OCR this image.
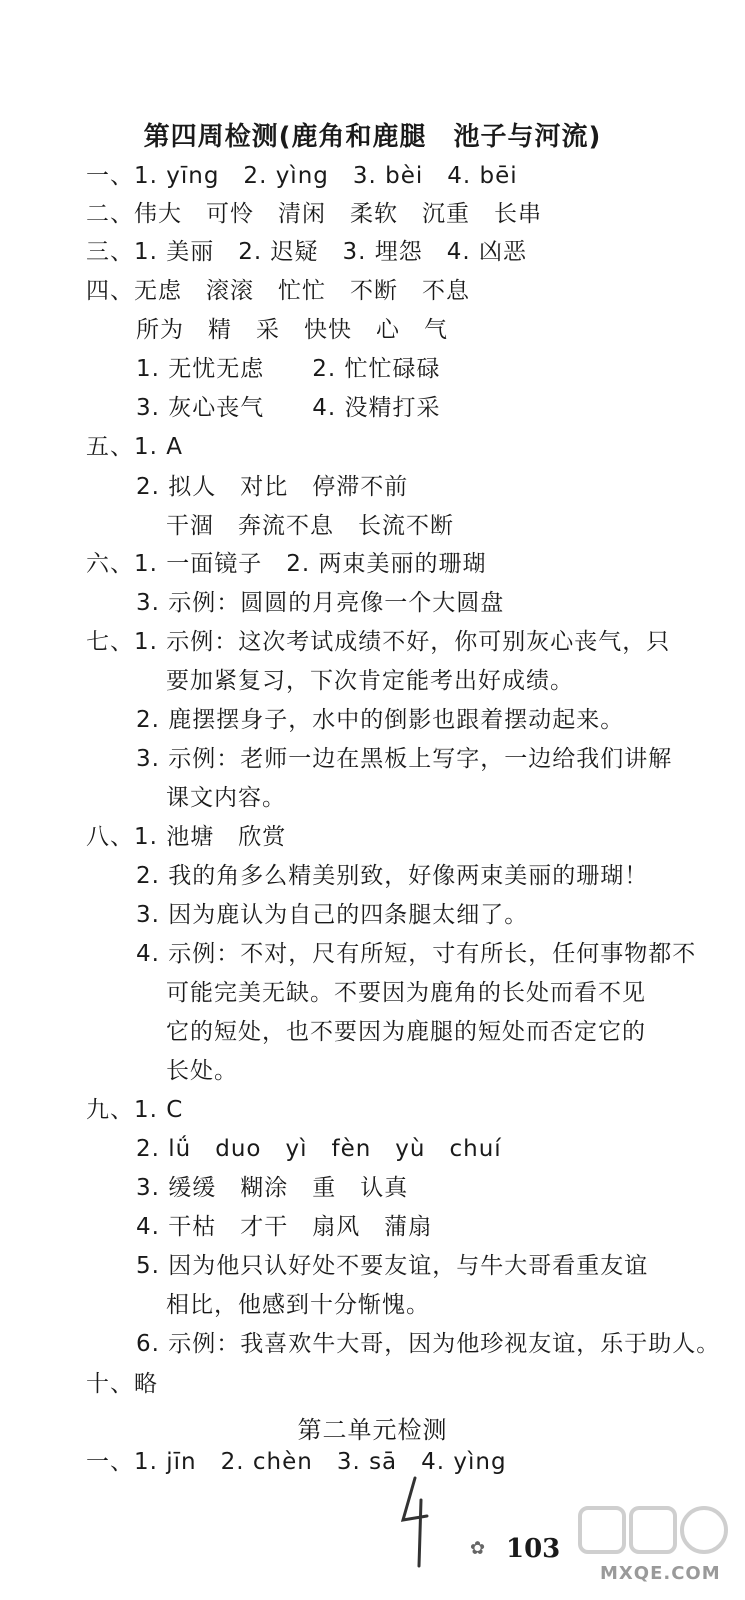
第四周检测(鹿角和鹿腿　池子与河流)
一、1. yīng　2. yìng　3. bèi　4. bēi
二、伟大　可怜　清闲　柔软　沉重　长串
三、1. 美丽　2. 迟疑　3. 埋怨　4. 凶恶
四、无虑　滚滚　忙忙　不断　不息
所为　精　采　快快　心　气
1. 无忧无虑　　2. 忙忙碌碌
3. 灰心丧气　　4. 没精打采
五、1. A
2. 拟人　对比　停滞不前
干涸　奔流不息　长流不断
六、1. 一面镜子　2. 两束美丽的珊瑚
3. 示例：圆圆的月亮像一个大圆盘
七、1. 示例：这次考试成绩不好，你可别灰心丧气，只
要加紧复习，下次肯定能考出好成绩。
2. 鹿摆摆身子，水中的倒影也跟着摆动起来。
3. 示例：老师一边在黑板上写字，一边给我们讲解
课文内容。
八、1. 池塘　欣赏
2. 我的角多么精美别致，好像两束美丽的珊瑚！
3. 因为鹿认为自己的四条腿太细了。
4. 示例：不对，尺有所短，寸有所长，任何事物都不
可能完美无缺。不要因为鹿角的长处而看不见
它的短处，也不要因为鹿腿的短处而否定它的
长处。
九、1. C
2. lǘ　duo　yì　fèn　yù　chuí
3. 缓缓　糊涂　重　认真
4. 干枯　才干　扇风　蒲扇
5. 因为他只认好处不要友谊，与牛大哥看重友谊
相比，他感到十分惭愧。
6. 示例：我喜欢牛大哥，因为他珍视友谊，乐于助人。
十、略
第二单元检测
一、1. jīn　2. chèn　3. sā　4. yìng
✿ 103
MXQE.COM
